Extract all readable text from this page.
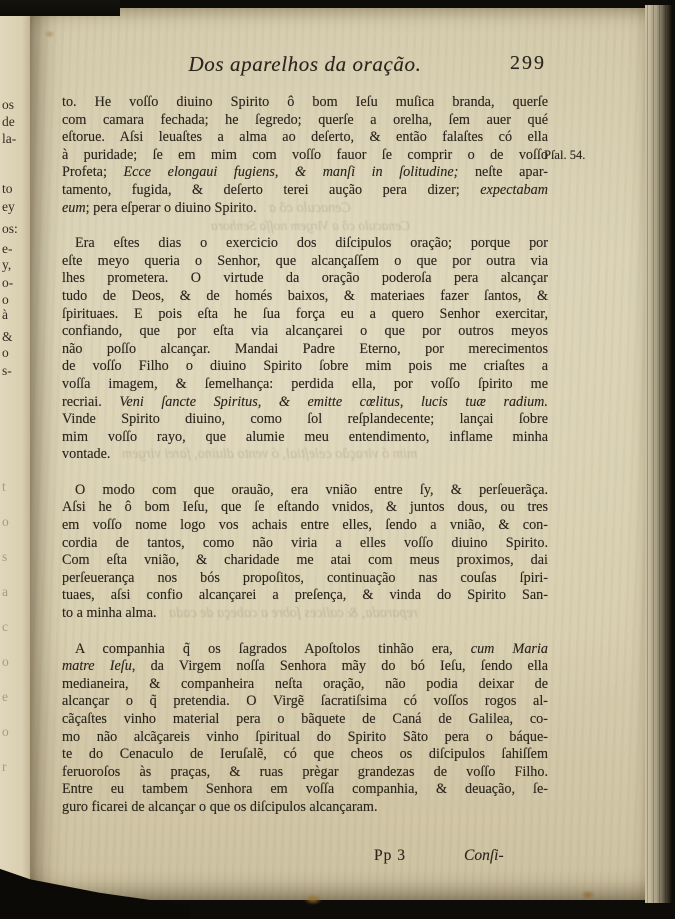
os
de
la-
to
ey
os:
e-
y,
o-
o
à
&
o
s-
t
o
s
a
c
o
e
o
r
Dos aparelhos da oração.	299
Pſal. 54.
to. He voſſo diuino Spirito ô bom Ieſu muſica branda, querſe
com camara fechada; he ſegredo; querſe a orelha, ſem auer qué
eſtorue. Aſsi leuaſtes a alma ao deſerto, & então falaſtes có ella
à puridade; ſe em mim com voſſo fauor ſe comprir o de voſſo
Profeta; Ecce elongaui fugiens, & manſi in ſolitudine; neſte apar-
tamento, fugida, & deſerto terei aução pera dizer; expectabam
eum; pera eſperar o diuino Spirito. Cenaculo cõ a
Cenaculo cõ a Virgem noſſa Senhora
Era eſtes dias o exercicio dos diſcipulos oração; porque por
eſte meyo queria o Senhor, que alcançaſſem o que por outra via
lhes prometera. O virtude da oração poderoſa pera alcançar
tudo de Deos, & de homés baixos, & materiaes fazer ſantos, &
ſpirituaes. E pois eſta he ſua força eu a quero Senhor exercitar,
confiando, que por eſta via alcançarei o que por outros meyos
não poſſo alcançar. Mandai Padre Eterno, por merecimentos
de voſſo Filho o diuino Spirito ſobre mim pois me criaſtes a
voſſa imagem, & ſemelhança: perdida ella, por voſſo ſpirito me
recriai. Veni ſancte Spiritus, & emitte cœlitus, lucis tuæ radium.
Vinde Spirito diuino, como ſol reſplandecente; lançai ſobre
mim voſſo rayo, que alumie meu entendimento, inflame minha
vontade. mim ó viração celeſtial, ó vento diuino, farei virgem
O modo com que orauão, era vnião entre ſy, & perſeuerãça.
Aſsi he ô bom Ieſu, que ſe eſtando vnidos, & juntos dous, ou tres
em voſſo nome logo vos achais entre elles, ſendo a vnião, & con-
cordia de tantos, como não viria a elles voſſo diuino Spirito.
Com eſta vnião, & charidade me atai com meus proximos, dai
perſeuerança nos bós propoſitos, continuação nas couſas ſpiri-
tuaes, aſsi confio alcançarei a preſença, & vinda do Spirito San-
to a minha alma. reparada, & calices ſobre a cabeça de cada
A companhia q̃ os ſagrados Apoſtolos tinhão era, cum Maria
matre Ieſu, da Virgem noſſa Senhora mãy do bó Ieſu, ſendo ella
medianeira, & companheira neſta oração, não podia deixar de
alcançar o q̃ pretendia. O Virgẽ ſacratiſsima có voſſos rogos al-
cãçaſtes vinho material pera o bãquete de Caná de Galilea, co-
mo não alcãçareis vinho ſpiritual do Spirito Sãto pera o báque-
te do Cenaculo de Ieruſalẽ, có que cheos os diſcipulos ſahiſſem
feruoroſos às praças, & ruas prègar grandezas de voſſo Filho.
Entre eu tambem Senhora em voſſa companhia, & deuação, ſe-
guro ficarei de alcançar o que os diſcipulos alcançaram.
Pp 3	Conſi-
